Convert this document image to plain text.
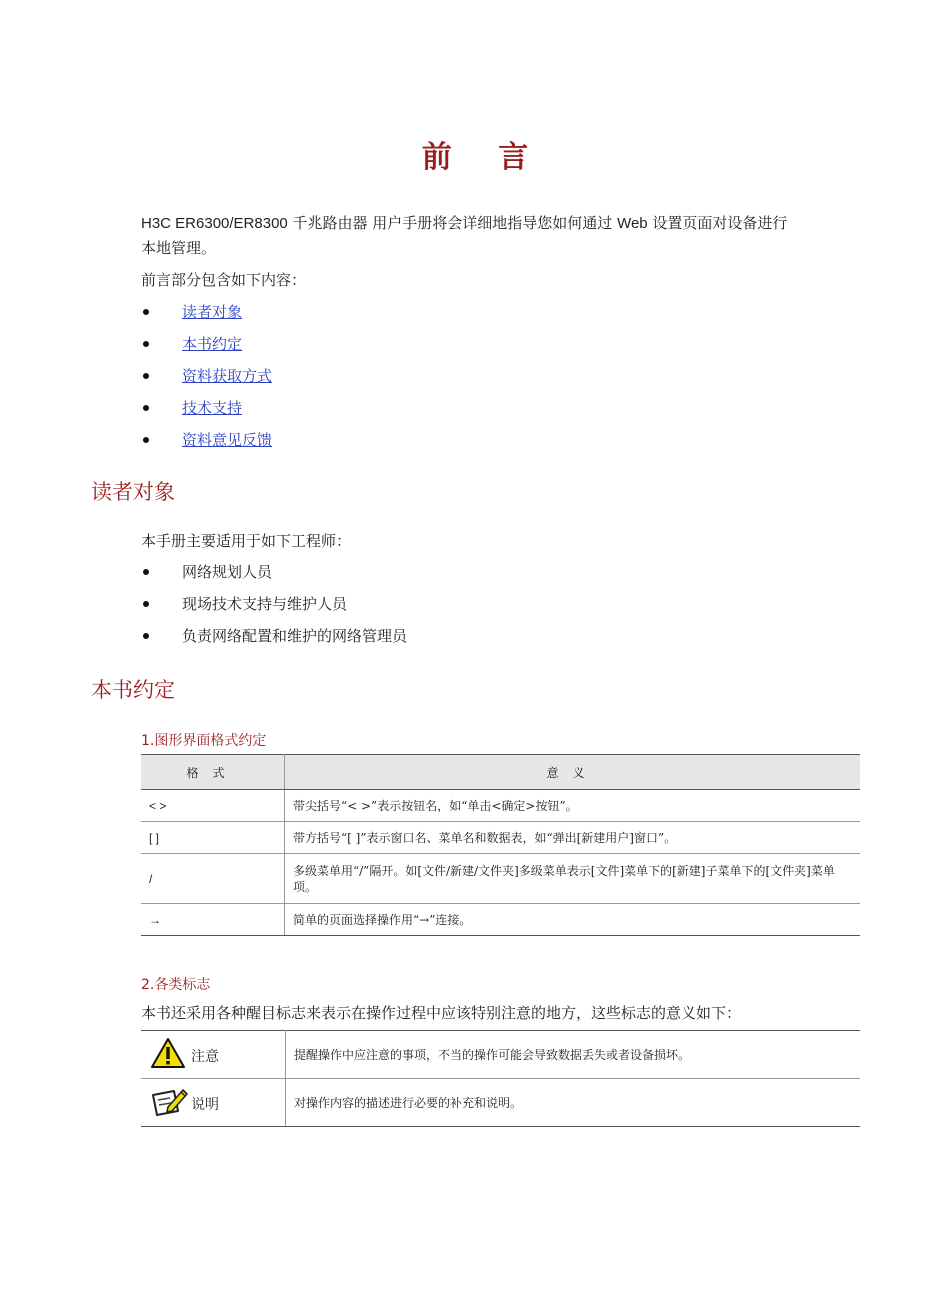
前 言

H3C ER6300/ER8300 千兆路由器 用户手册将会详细地指导您如何通过 Web 设置页面对设备进行
本地管理。

前言部分包含如下内容：

读者对象
本书约定
资料获取方式
技术支持
资料意见反馈
读者对象

本手册主要适用于如下工程师：

网络规划人员
现场技术支持与维护人员
负责网络配置和维护的网络管理员
本书约定
1.图形界面格式约定
格式	意义
< >	带尖括号“< >”表示按钮名，如“单击<确定>按钮”。
[ ]	带方括号“[ ]”表示窗口名、菜单名和数据表，如“弹出[新建用户]窗口”。
/	多级菜单用“/”隔开。如[文件/新建/文件夹]多级菜单表示[文件]菜单下的[新建]子菜单下的[文件夹]菜单项。
→	简单的页面选择操作用“→”连接。
2.各类标志

本书还采用各种醒目标志来表示在操作过程中应该特别注意的地方，这些标志的意义如下：

注意	提醒操作中应注意的事项，不当的操作可能会导致数据丢失或者设备损坏。

说明	对操作内容的描述进行必要的补充和说明。
